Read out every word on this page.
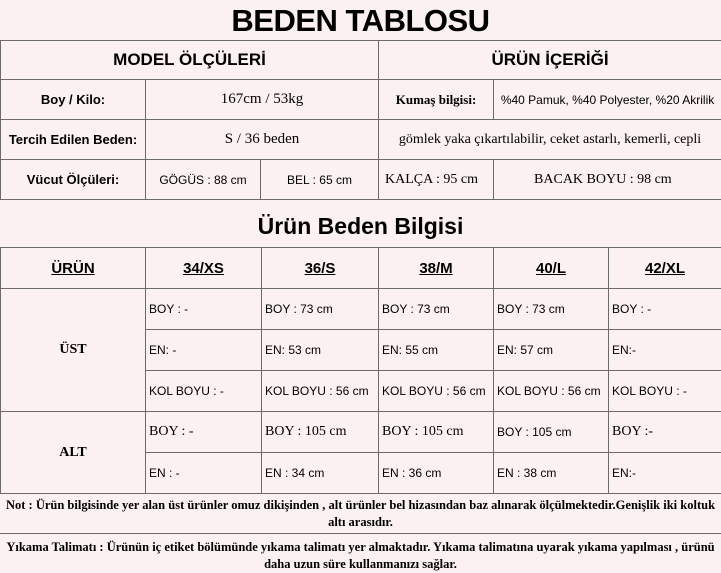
BEDEN TABLOSU
MODEL ÖLÇÜLERİ			ÜRÜN İÇERİĞİ	
Boy / Kilo:	167cm / 53kg		Kumaş bilgisi:	%40 Pamuk, %40 Polyester, %20 Akrilik
Tercih Edilen Beden:	S / 36 beden		gömlek yaka çıkartılabilir, ceket astarlı, kemerli, cepli	
Vücut Ölçüleri:	GÖGÜS : 88 cm	BEL : 65 cm	KALÇA : 95 cm	BACAK BOYU : 98 cm
Ürün Beden Bilgisi
ÜRÜN	34/XS	36/S	38/M	40/L	42/XL
ÜST	BOY : -	BOY : 73 cm	BOY : 73 cm	BOY : 73 cm	BOY : -
	EN: -	EN: 53 cm	EN: 55 cm	EN: 57 cm	EN:-
	KOL BOYU : -	KOL BOYU : 56 cm	KOL BOYU : 56 cm	KOL BOYU : 56 cm	KOL BOYU : -
ALT	BOY : -	BOY : 105 cm	BOY : 105 cm	BOY : 105 cm	BOY :-
	EN : -	EN : 34 cm	EN : 36 cm	EN : 38 cm	EN:-
Not : Ürün bilgisinde yer alan üst ürünler omuz dikişinden , alt ürünler bel hizasından baz alınarak ölçülmektedir.Genişlik iki koltuk altı arasıdır.
Yıkama Talimatı : Ürünün iç etiket bölümünde yıkama talimatı yer almaktadır. Yıkama talimatına uyarak yıkama yapılması , ürünü daha uzun süre kullanmanızı sağlar.
